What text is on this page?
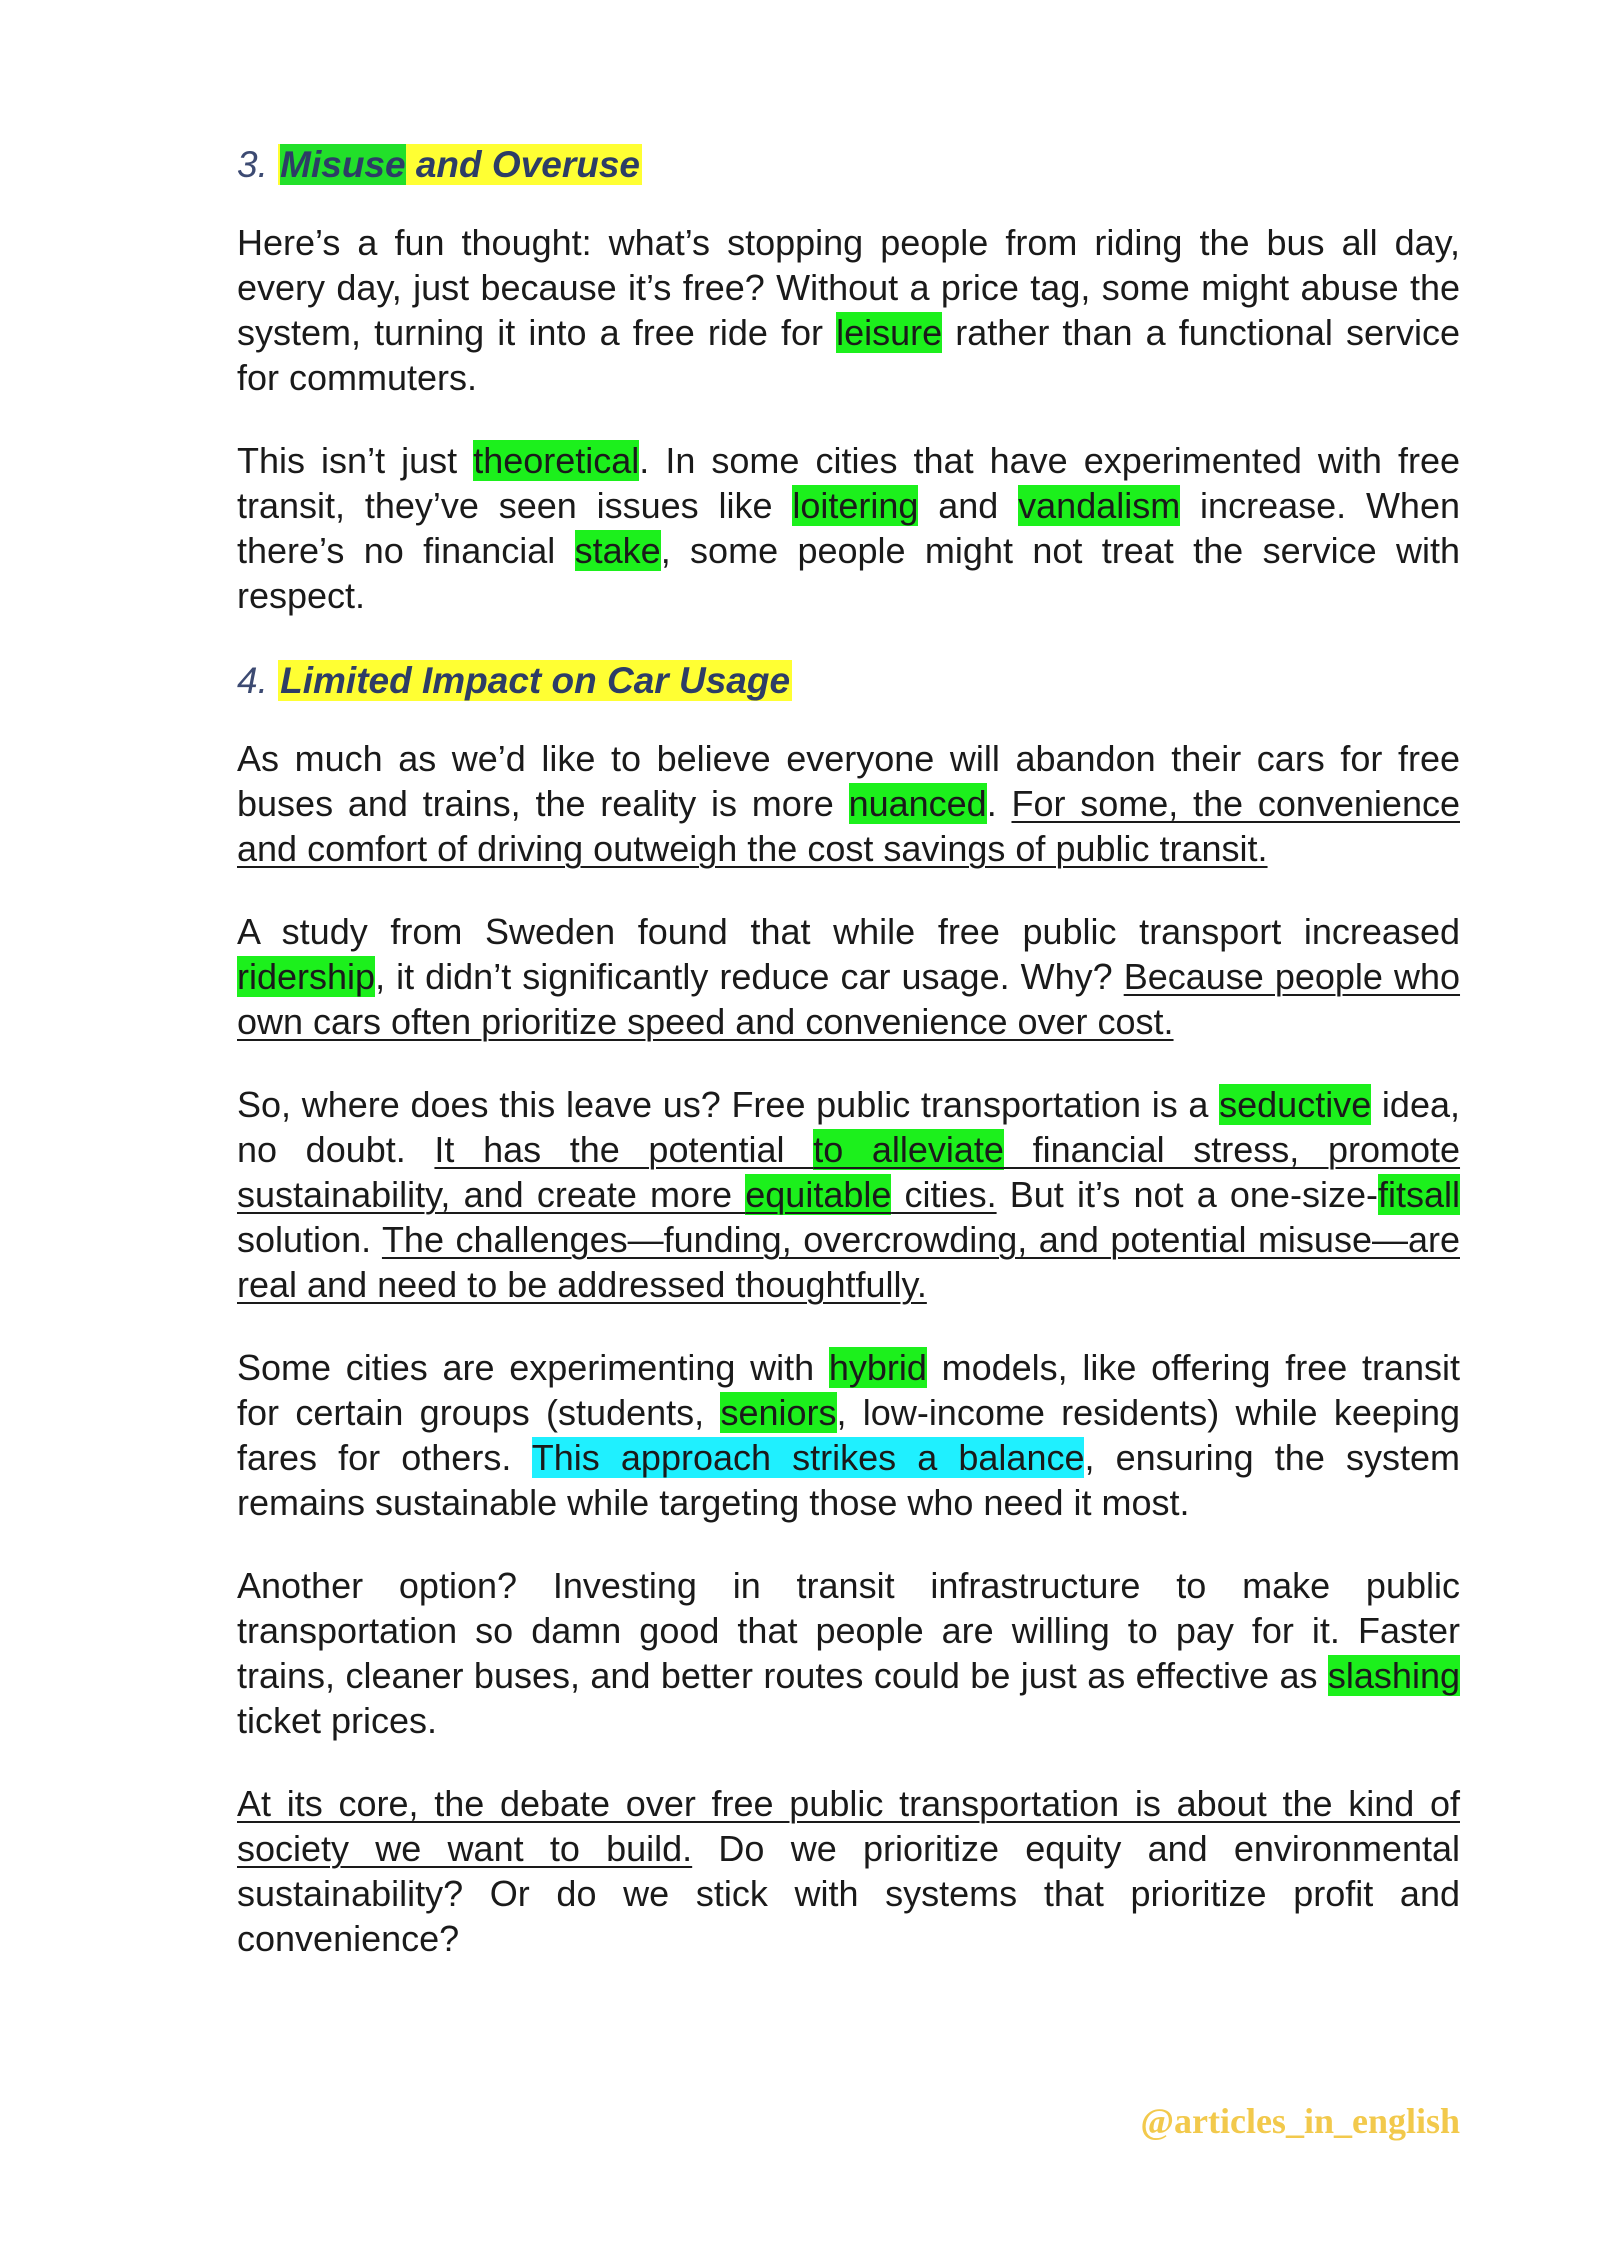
3. Misuse and Overuse

Here’s a fun thought: what’s stopping people from riding the bus all day, every day, just because it’s free? Without a price tag, some might abuse the system, turning it into a free ride for leisure rather than a functional service for commuters.

This isn’t just theoretical. In some cities that have experimented with free transit, they’ve seen issues like loitering and vandalism increase. When there’s no financial stake, some people might not treat the service with respect.

4. Limited Impact on Car Usage

As much as we’d like to believe everyone will abandon their cars for free buses and trains, the reality is more nuanced. For some, the convenience and comfort of driving outweigh the cost savings of public transit.

A study from Sweden found that while free public transport increased ridership, it didn’t significantly reduce car usage. Why? Because people who own cars often prioritize speed and convenience over cost.

So, where does this leave us? Free public transportation is a seductive idea, no doubt. It has the potential to alleviate financial stress, promote sustainability, and create more equitable cities. But it’s not a one-size-fitsall solution. The challenges—funding, overcrowding, and potential misuse—are real and need to be addressed thoughtfully.

Some cities are experimenting with hybrid models, like offering free transit for certain groups (students, seniors, low-income residents) while keeping fares for others. This approach strikes a balance, ensuring the system remains sustainable while targeting those who need it most.

Another option? Investing in transit infrastructure to make public transportation so damn good that people are willing to pay for it. Faster trains, cleaner buses, and better routes could be just as effective as slashing ticket prices.

At its core, the debate over free public transportation is about the kind of society we want to build. Do we prioritize equity and environmental sustainability? Or do we stick with systems that prioritize profit and convenience?

@articles_in_english
